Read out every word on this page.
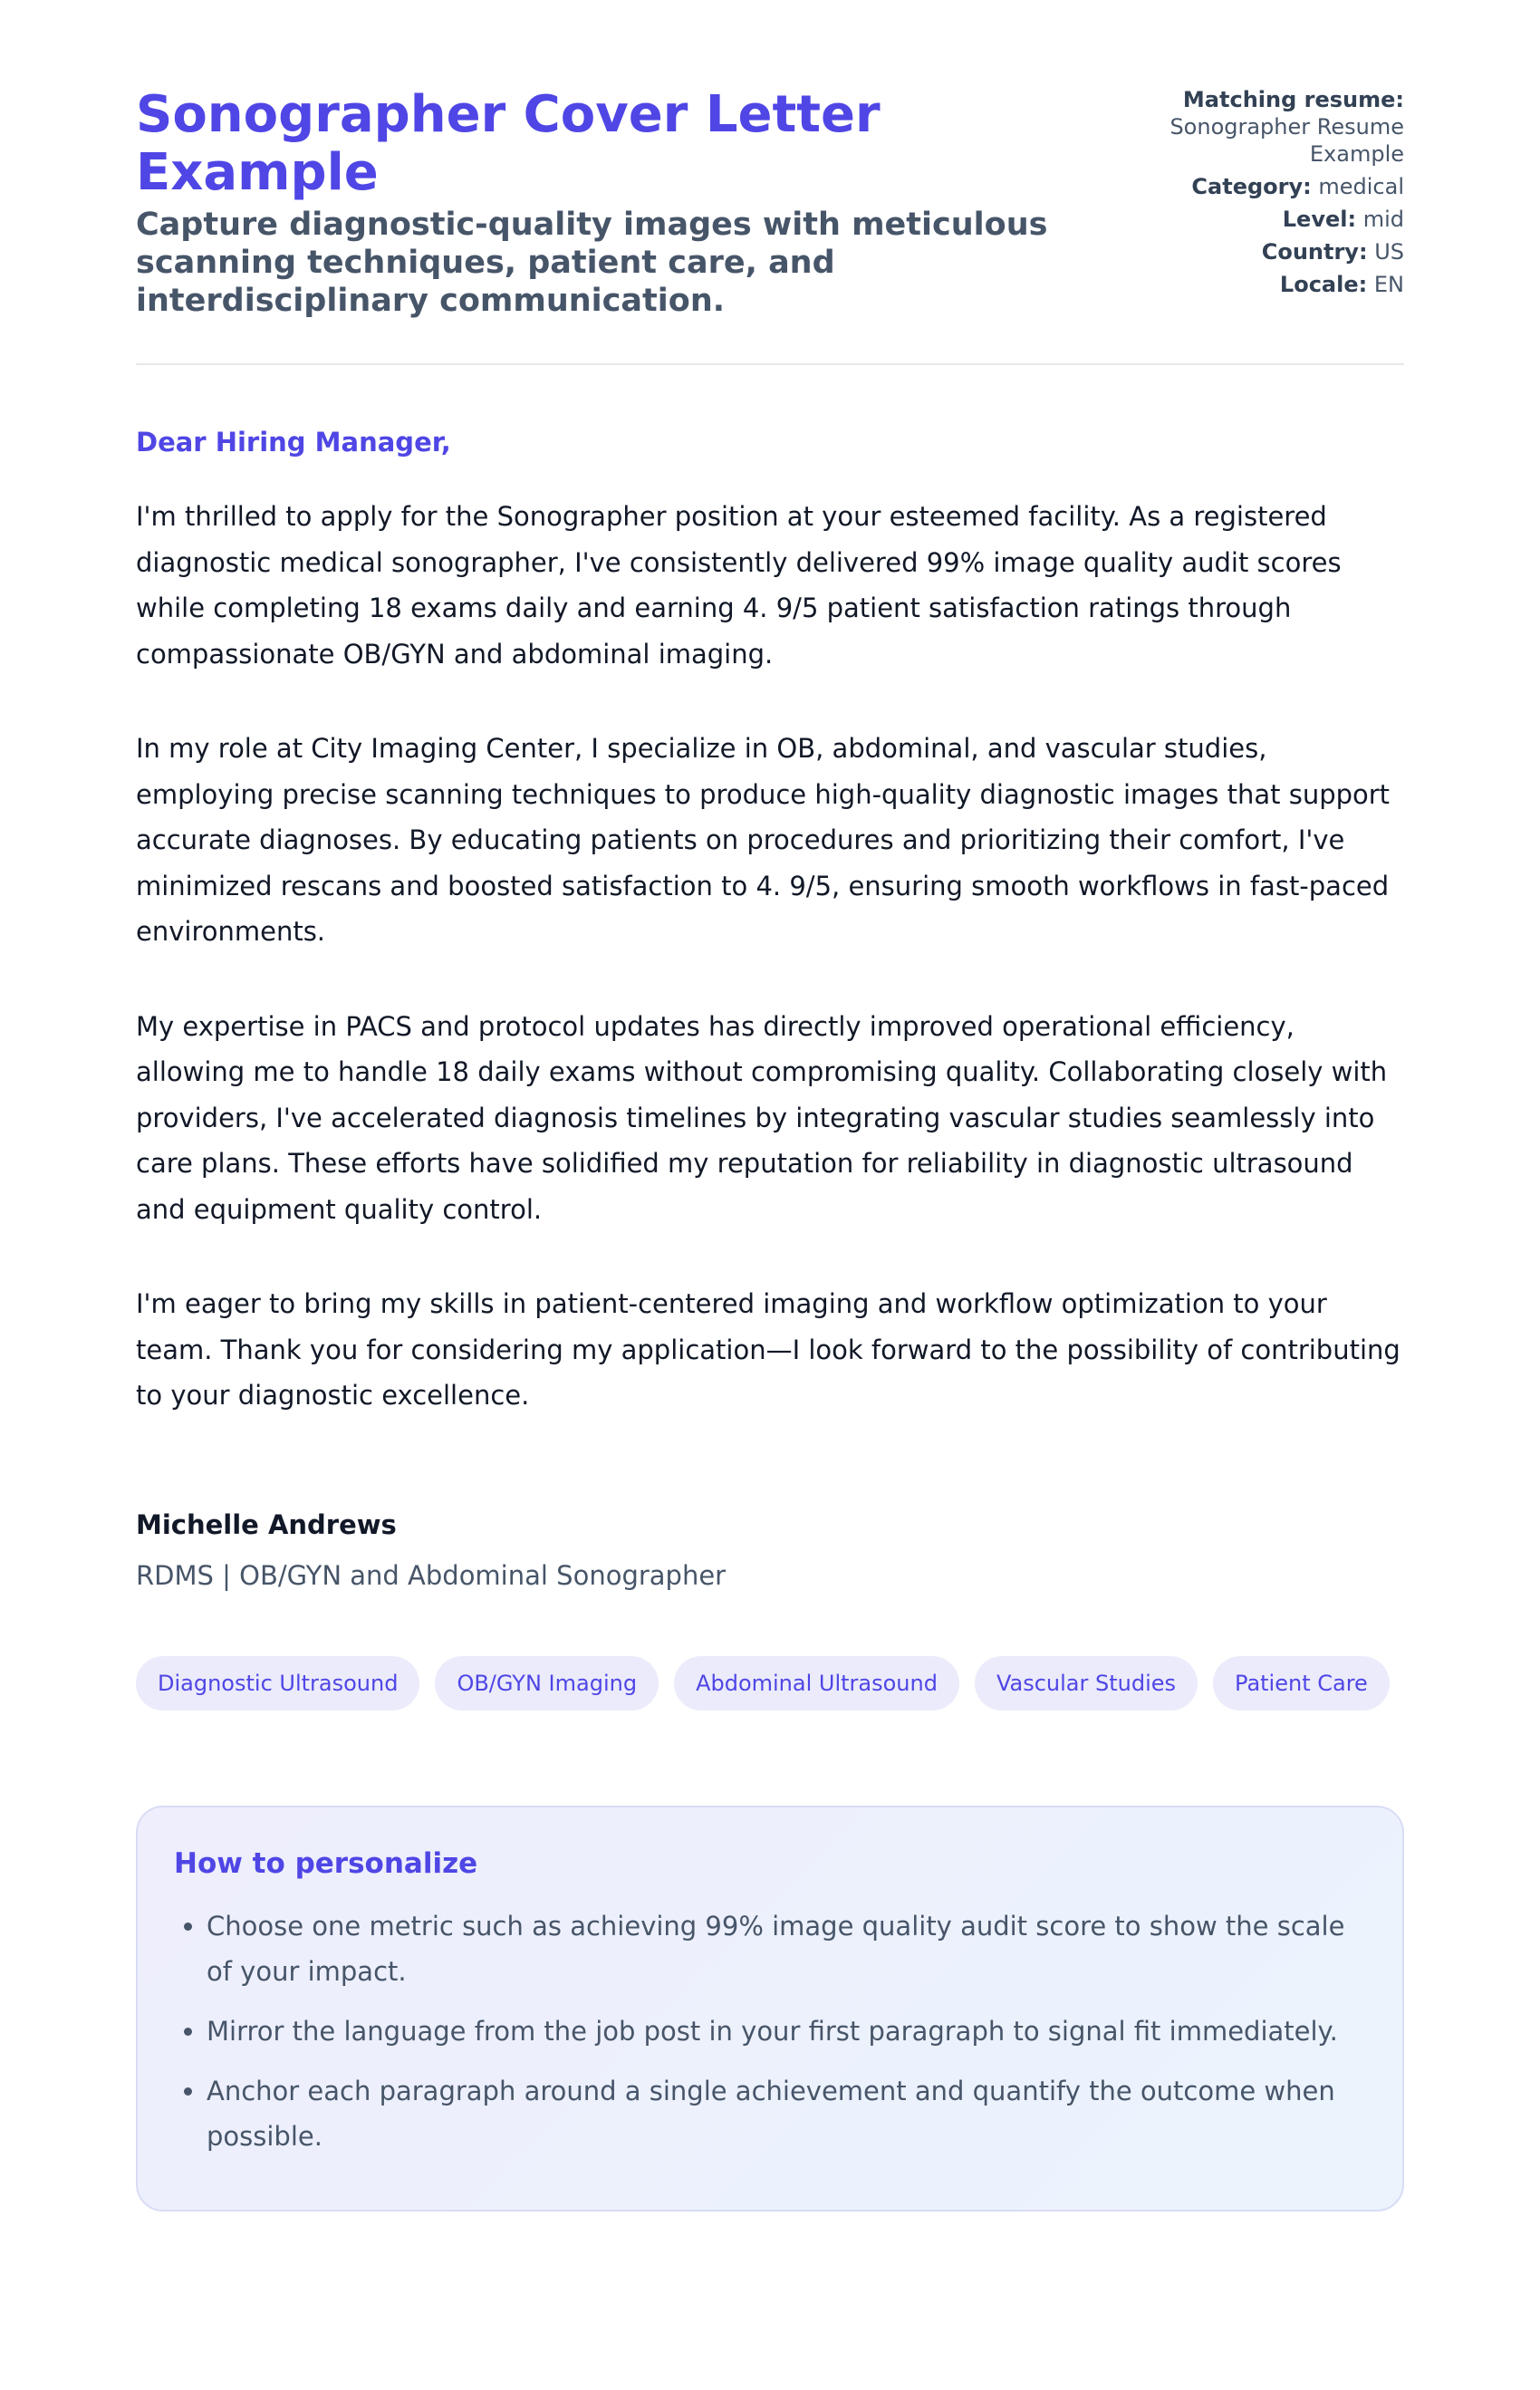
Sonographer Cover Letter Example

Capture diagnostic-quality images with meticulous scanning techniques, patient care, and interdisciplinary communication.

Matching resume:
Sonographer Resume Example
Category: medical
Level: mid
Country: US
Locale: EN
Dear Hiring Manager,

I'm thrilled to apply for the Sonographer position at your esteemed facility. As a registered diagnostic medical sonographer, I've consistently delivered 99% image quality audit scores while completing 18 exams daily and earning 4. 9/5 patient satisfaction ratings through compassionate OB/GYN and abdominal imaging.

In my role at City Imaging Center, I specialize in OB, abdominal, and vascular studies, employing precise scanning techniques to produce high-quality diagnostic images that support accurate diagnoses. By educating patients on procedures and prioritizing their comfort, I've minimized rescans and boosted satisfaction to 4. 9/5, ensuring smooth workflows in fast-paced environments.

My expertise in PACS and protocol updates has directly improved operational efficiency, allowing me to handle 18 daily exams without compromising quality. Collaborating closely with providers, I've accelerated diagnosis timelines by integrating vascular studies seamlessly into care plans. These efforts have solidified my reputation for reliability in diagnostic ultrasound and equipment quality control.

I'm eager to bring my skills in patient-centered imaging and workflow optimization to your team. Thank you for considering my application—I look forward to the possibility of contributing to your diagnostic excellence.

Michelle Andrews
RDMS | OB/GYN and Abdominal Sonographer
Diagnostic Ultrasound	OB/GYN Imaging	Abdominal Ultrasound	Vascular Studies	Patient Care
How to personalize
• Choose one metric such as achieving 99% image quality audit score to show the scale of your impact.
• Mirror the language from the job post in your first paragraph to signal fit immediately.
• Anchor each paragraph around a single achievement and quantify the outcome when possible.
